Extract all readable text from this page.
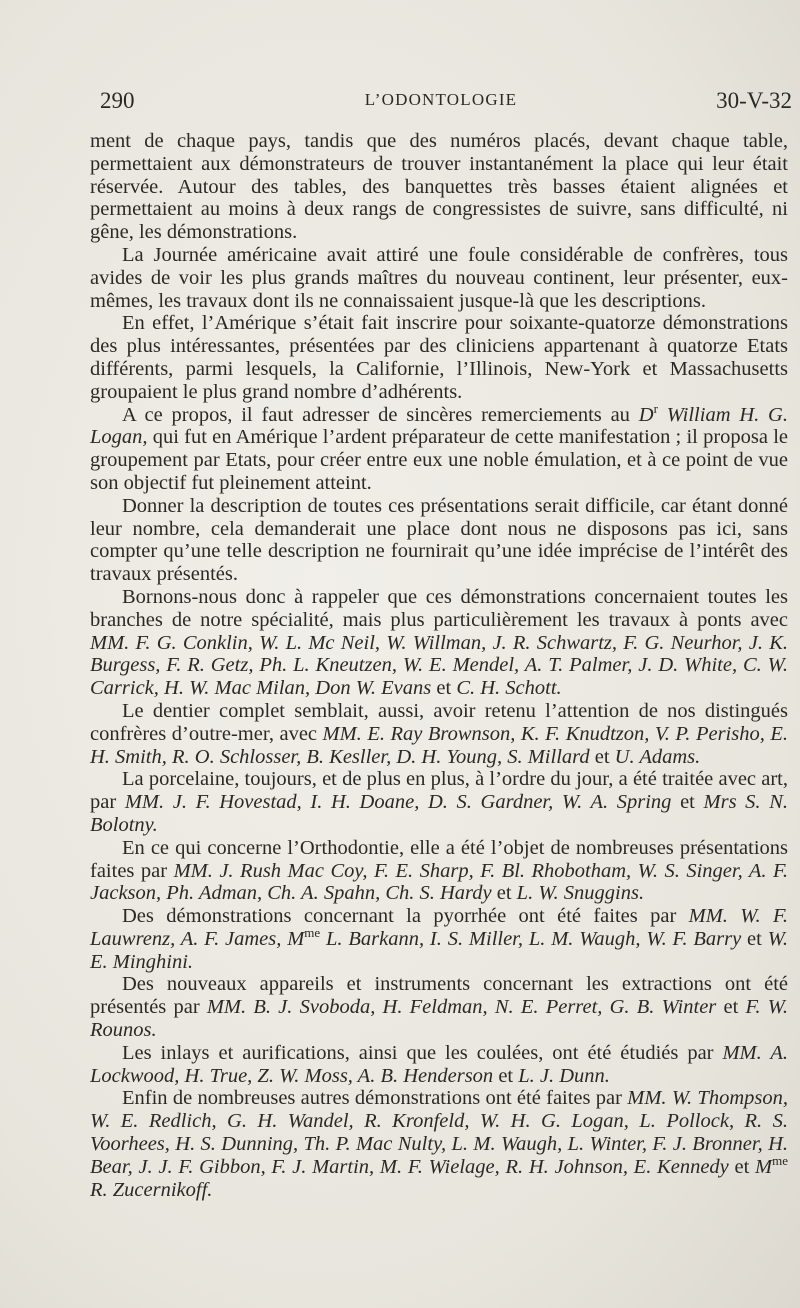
290	L’ODONTOLOGIE	30-V-32

ment de chaque pays, tandis que des numéros placés, devant chaque table, permettaient aux démonstrateurs de trouver instantanément la place qui leur était réservée. Autour des tables, des banquettes très basses étaient alignées et permettaient au moins à deux rangs de congressistes de suivre, sans difficulté, ni gêne, les démonstrations.

La Journée américaine avait attiré une foule considérable de confrères, tous avides de voir les plus grands maîtres du nouveau continent, leur présenter, eux-mêmes, les travaux dont ils ne connaissaient jusque-là que les descriptions.

En effet, l’Amérique s’était fait inscrire pour soixante-quatorze démonstrations des plus intéressantes, présentées par des cliniciens appartenant à quatorze Etats différents, parmi lesquels, la Californie, l’Illinois, New-York et Massachusetts groupaient le plus grand nombre d’adhérents.

A ce propos, il faut adresser de sincères remerciements au $D^r$ William H. G. Logan, qui fut en Amérique l’ardent préparateur de cette manifestation ; il proposa le groupement par Etats, pour créer entre eux une noble émulation, et à ce point de vue son objectif fut pleinement atteint.

Donner la description de toutes ces présentations serait difficile, car étant donné leur nombre, cela demanderait une place dont nous ne disposons pas ici, sans compter qu’une telle description ne fournirait qu’une idée imprécise de l’intérêt des travaux présentés.

Bornons-nous donc à rappeler que ces démonstrations concernaient toutes les branches de notre spécialité, mais plus particulièrement les travaux à ponts avec MM. F. G. Conklin, W. L. Mc Neil, W. Willman, J. R. Schwartz, F. G. Neurhor, J. K. Burgess, F. R. Getz, Ph. L. Kneutzen, W. E. Mendel, A. T. Palmer, J. D. White, C. W. Carrick, H. W. Mac Milan, Don W. Evans et C. H. Schott.

Le dentier complet semblait, aussi, avoir retenu l’attention de nos distingués confrères d’outre-mer, avec MM. E. Ray Brownson, K. F. Knudtzon, V. P. Perisho, E. H. Smith, R. O. Schlosser, B. Kesller, D. H. Young, S. Millard et U. Adams.

La porcelaine, toujours, et de plus en plus, à l’ordre du jour, a été traitée avec art, par MM. J. F. Hovestad, I. H. Doane, D. S. Gardner, W. A. Spring et Mrs S. N. Bolotny.

En ce qui concerne l’Orthodontie, elle a été l’objet de nombreuses présentations faites par MM. J. Rush Mac Coy, F. E. Sharp, F. Bl. Rhobotham, W. S. Singer, A. F. Jackson, Ph. Adman, Ch. A. Spahn, Ch. S. Hardy et L. W. Snuggins.

Des démonstrations concernant la pyorrhée ont été faites par MM. W. F. Lauwrenz, A. F. James, $M^{me}$ L. Barkann, I. S. Miller, L. M. Waugh, W. F. Barry et W. E. Minghini.

Des nouveaux appareils et instruments concernant les extractions ont été présentés par MM. B. J. Svoboda, H. Feldman, N. E. Perret, G. B. Winter et F. W. Rounos.

Les inlays et aurifications, ainsi que les coulées, ont été étudiés par MM. A. Lockwood, H. True, Z. W. Moss, A. B. Henderson et L. J. Dunn.

Enfin de nombreuses autres démonstrations ont été faites par MM. W. Thompson, W. E. Redlich, G. H. Wandel, R. Kronfeld, W. H. G. Logan, L. Pollock, R. S. Voorhees, H. S. Dunning, Th. P. Mac Nulty, L. M. Waugh, L. Winter, F. J. Bronner, H. Bear, J. J. F. Gibbon, F. J. Martin, M. F. Wielage, R. H. Johnson, E. Kennedy et $M^{me}$ R. Zucernikoff.
